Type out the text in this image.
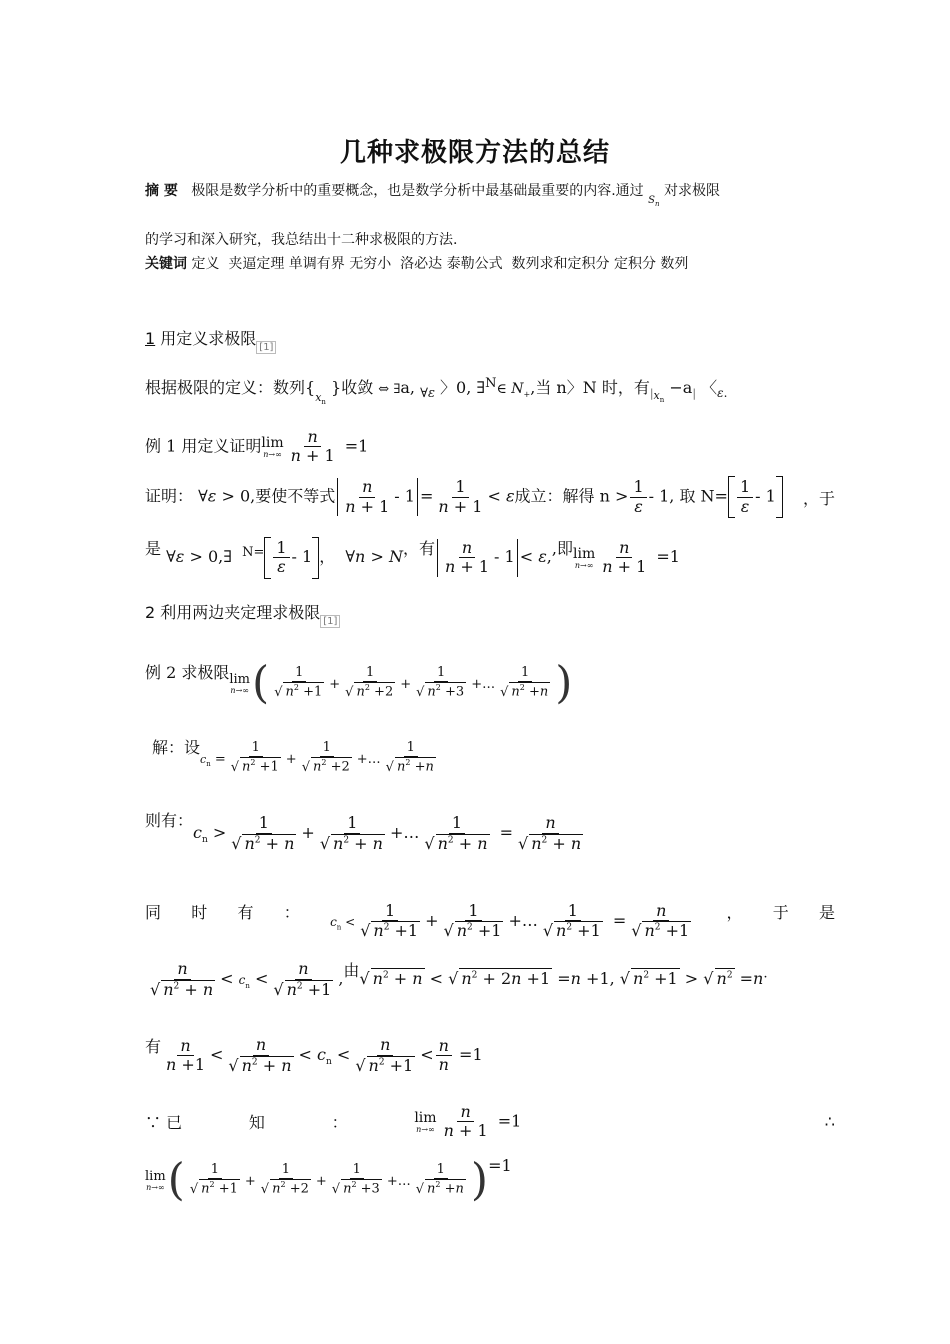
几种求极限方法的总结
摘 要 极限是数学分析中的重要概念，也是数学分析中最基础最重要的内容.通过 $_{S_n}$ 对求极限
的学习和深入研究，我总结出十二种求极限的方法.
关键词 定义  夹逼定理 单调有界 无穷小  洛必达 泰勒公式  数列求和定积分 定积分 数列
1 用定义求极限 $_{[1]}$
根据极限的定义：数列{$_{x_n}$ }收敛 ⇔ ∃a, $_{\forall\varepsilon}$ 〉0, ∃$^N$∈ $N_+$,当 n〉N 时，有$_{|x_n} -a_|$ 〈$_{\varepsilon.}$
例 1 用定义证明 lim
$n\to\infty \frac{n}{n + 1} =1$
证明： ∀ε > 0,要使不等式 $\frac{n}{n + 1} - 1 = \frac{1}{n + 1} < \varepsilon$成立：解得 $n > \frac{1}{\varepsilon} - 1$, 取 $N= \frac{1}{\varepsilon} - 1$	，于
是 ∀ε > 0,∃ $^{N=} \frac{1}{\varepsilon} - 1$ ， ∀n > N，有 $\frac{n}{n + 1} - 1 < \varepsilon$,,即 lim
$n\to\infty \frac{n}{n + 1} =1$
2 利用两边夹定理求极限 $_{[1]}$
例 2 求极限 lim
n→∞ ( 1
√ $n^2 +1 + 1$
√ $n^2 +2 + 1$
√ $n^2 +3$ +… 1
√ $n^2 +n$ )
解：设$c_n = 1$
√ $n^2 +1 + 1$
√ $n^2 +2$ +… 1
√ $n^2 +n$
则有：$c_n > 1$
√ $n^2 + n + 1$
√ $n^2 + n$ +… 1
√ $n^2 + n = n$
√ $n^2 + n$
同 时 有 ：	$c_n < 1$
√ $n^2 +1 + 1$
√ $n^2 +1$ +… 1
√ $n^2 +1 = n$
√ $n^2 +1$ ， 于 是
n
√ $n^2 + n < c_n < n$
√ $n^2 +1$ ,由 √ $n^2 + n$ < √ $n^2 + 2n +1 =n +1$, √ $n^2 +1$ > √ $n^2 =n^.$
有 $\frac{n}{n +1} < n$
√ $n^2 + n < c_n < n$
√ $n^2 +1 < \frac{n}{n} =1$
∵ 已	知	：	lim
$n\to\infty \frac{n}{n + 1} =1$	∴
lim
n→∞ ( 1
√ $n^2 +1 + 1$
√ $n^2 +2 + 1$
√ $n^2 +3$ +… 1
√ $n^2 +n$ )=1
